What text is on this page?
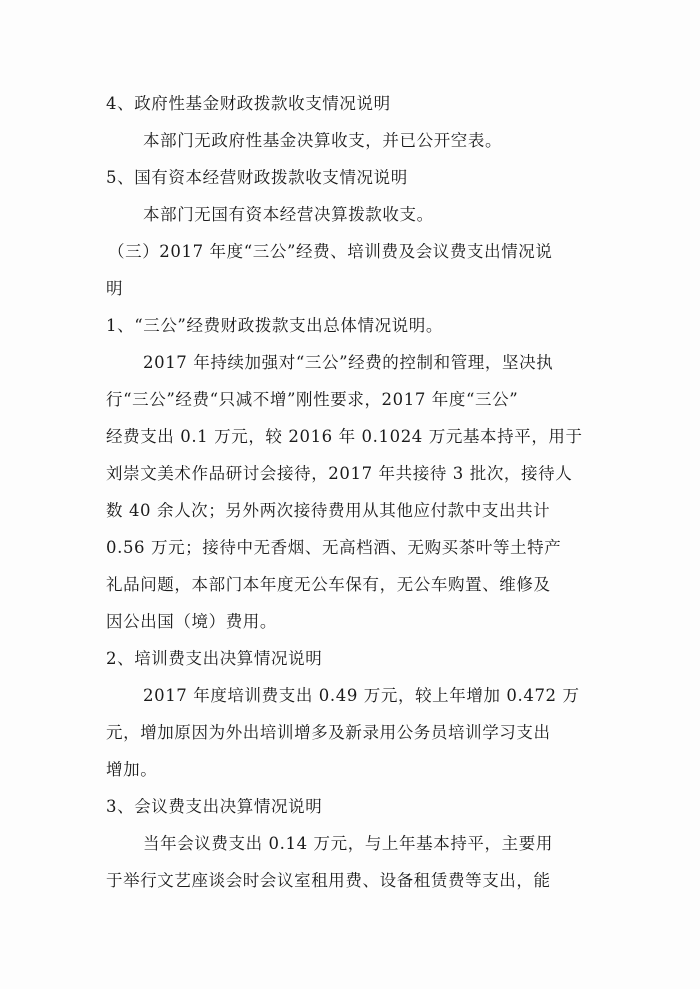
4、政府性基金财政拨款收支情况说明
本部门无政府性基金决算收支，并已公开空表。
5、国有资本经营财政拨款收支情况说明
本部门无国有资本经营决算拨款收支。
（三）2017 年度“三公”经费、培训费及会议费支出情况说
明
1、“三公”经费财政拨款支出总体情况说明。
2017 年持续加强对“三公”经费的控制和管理，坚决执
行“三公”经费“只减不增”刚性要求，2017 年度“三公”
经费支出 0.1 万元，较 2016 年 0.1024 万元基本持平，用于
刘崇文美术作品研讨会接待，2017 年共接待 3 批次，接待人
数 40 余人次；另外两次接待费用从其他应付款中支出共计
0.56 万元；接待中无香烟、无高档酒、无购买茶叶等土特产
礼品问题，本部门本年度无公车保有，无公车购置、维修及
因公出国（境）费用。
2、培训费支出决算情况说明
2017 年度培训费支出 0.49 万元，较上年增加 0.472 万
元，增加原因为外出培训增多及新录用公务员培训学习支出
增加。
3、会议费支出决算情况说明
当年会议费支出 0.14 万元，与上年基本持平，主要用
于举行文艺座谈会时会议室租用费、设备租赁费等支出，能
